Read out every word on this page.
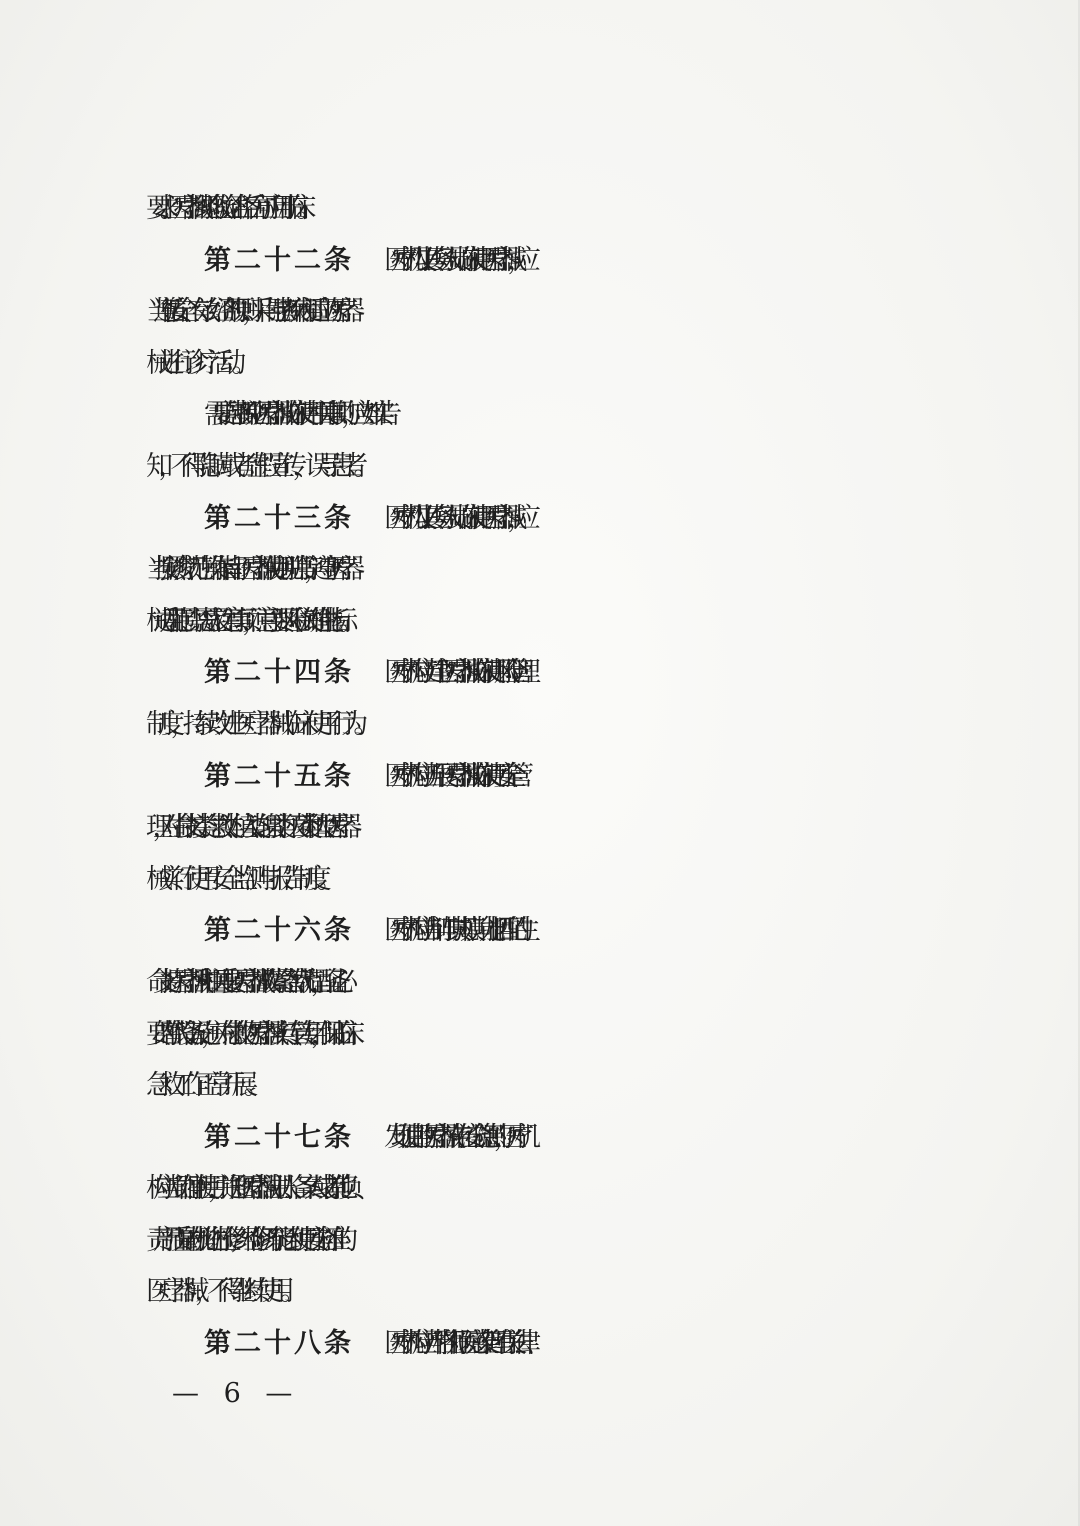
要求。医疗器械经验收验证合格后方可应用于临床。
第二十二条 医疗机构及其医务人员临床使用医疗器械，应
当遵循安全、有效、经济的原则，采用与患者疾病相适应的医疗器
械进行诊疗活动。
需要向患者说明医疗器械临床使用相关事项的，应当如实告
知，不得隐瞒或者虚假宣传，误导患者。
第二十三条 医疗机构及其医务人员临床使用医疗器械，应
当按照诊疗规范、操作指南、医疗器械使用说明书等，遵守医疗器
械适用范围、禁忌症及注意事项，注意主要风险和关键性能指标。
第二十四条 医疗机构应当建立医疗器械临床使用风险管理
制度，持续改进医疗器械临床使用行为。
第二十五条 医疗机构应当开展医疗器械临床使用安全管
理，对生命支持类、急救类、植入类、辐射类、灭菌类和大型医疗器
械实行使用安全监测与报告制度。
第二十六条 医疗机构应当制订与其规模、功能相匹配的生
命支持医疗器械和相关重要医疗器械故障紧急替代流程，配备必
要的替代设备设施，并对急救的医疗器械实行专管专用，保证临床
急救工作正常开展。
第二十七条 发现使用的医疗器械存在安全隐患的，医疗机
构应当立即停止使用，并通知医疗器械注册人、备案人或者其他负
责产品质量的机构进行检修；经检修仍不能达到使用安全标准的
医疗器械，不得继续使用。
第二十八条 医疗机构应当严格执行医院感染管理有关法律
— 6 —
